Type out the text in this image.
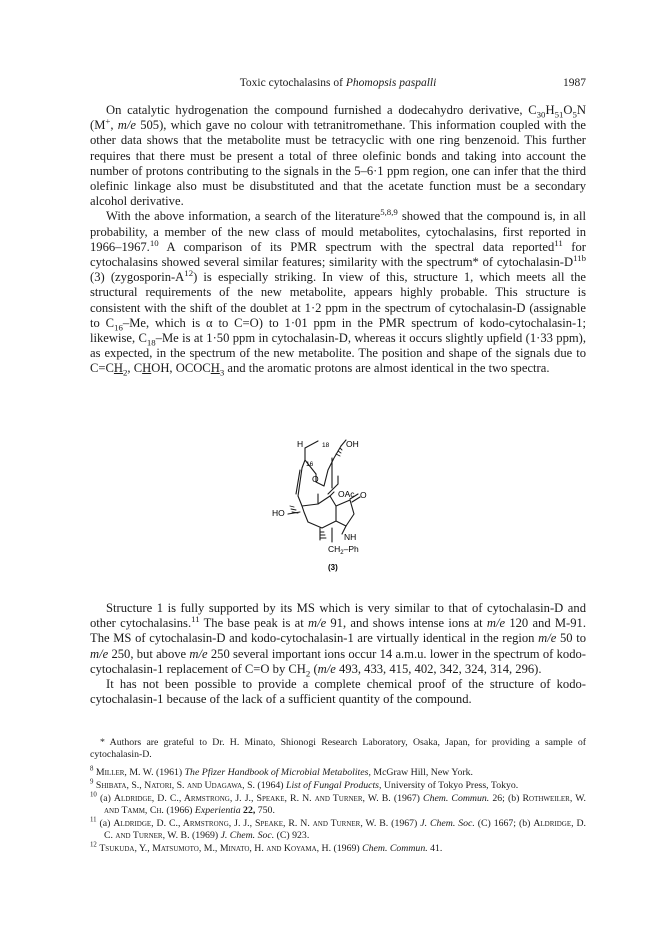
Toxic cytochalasins of Phomopsis paspalli	1987

On catalytic hydrogenation the compound furnished a dodecahydro derivative, $C_{30}H_{51}O_5N$ (M+, m/e 505), which gave no colour with tetranitromethane. This information coupled with the other data shows that the metabolite must be tetracyclic with one ring benzenoid. This further requires that there must be present a total of three olefinic bonds and taking into account the number of protons contributing to the signals in the 5–6·1 ppm region, one can infer that the third olefinic linkage also must be disubstituted and that the acetate function must be a secondary alcohol derivative.

With the above information, a search of the literature$^{5,8,9}$ showed that the compound is, in all probability, a member of the new class of mould metabolites, cytochalasins, first reported in 1966–1967.10 A comparison of its PMR spectrum with the spectral data reported$^{11}$ for cytochalasins showed several similar features; similarity with the spectrum* of cytochalasin-$D^{11b}$ (3) $(zygosporin-A^{12})$ is especially striking. In view of this, structure 1, which meets all the structural requirements of the new metabolite, appears highly probable. This structure is consistent with the shift of the doublet at 1·2 ppm in the spectrum of cytochalasin-D (assignable to $C_{16}-Me$, which is α to C=O) to 1·01 ppm in the PMR spectrum of kodo-cytochalasin-1; likewise, $C_{18}-Me$ is at 1·50 ppm in cytochalasin-D, whereas it occurs slightly upfield (1·33 ppm), as expected, in the spectrum of the new metabolite. The position and shape of the signals due to $C=CH_2$, CHOH, $OCOCH_3$ and the aromatic protons are almost identical in the two spectra.

H	18 OH
16
O
OAc
HO
O
NH
$CH_2-Ph$
(3)

Structure 1 is fully supported by its MS which is very similar to that of cytochalasin-D and other cytochalasins.$^{11}$ The base peak is at m/e 91, and shows intense ions at m/e 120 and M-91. The MS of cytochalasin-D and kodo-cytochalasin-1 are virtually identical in the region m/e 50 to m/e 250, but above m/e 250 several important ions occur 14 a.m.u. lower in the spectrum of kodo-cytochalasin-1 replacement of C=O by $CH_2$ (m/e 493, 433, 415, 402, 342, 324, 314, 296).

It has not been possible to provide a complete chemical proof of the structure of kodo-cytochalasin-1 because of the lack of a sufficient quantity of the compound.

* Authors are grateful to Dr. H. Minato, Shionogi Research Laboratory, Osaka, Japan, for providing a sample of cytochalasin-D.

$^8$ Miller, M. W. (1961) The Pfizer Handbook of Microbial Metabolites, McGraw Hill, New York.

$^9$ Shibata, S., Natori, S. and Udagawa, S. (1964) List of Fungal Products, University of Tokyo Press, Tokyo.

$^{10}$ (a) Aldridge, D. C., Armstrong, J. J., Speake, R. N. and Turner, W. B. (1967) Chem. Commun. 26; (b) Rothweiler, W. and Tamm, Ch. (1966) Experientia 22, 750.

$^{11}$ (a) Aldridge, D. C., Armstrong, J. J., Speake, R. N. and Turner, W. B. (1967) J. Chem. Soc. (C) 1667; (b) Aldridge, D. C. and Turner, W. B. (1969) J. Chem. Soc. (C) 923.

$^{12}$ Tsukuda, Y., Matsumoto, M., Minato, H. and Koyama, H. (1969) Chem. Commun. 41.
